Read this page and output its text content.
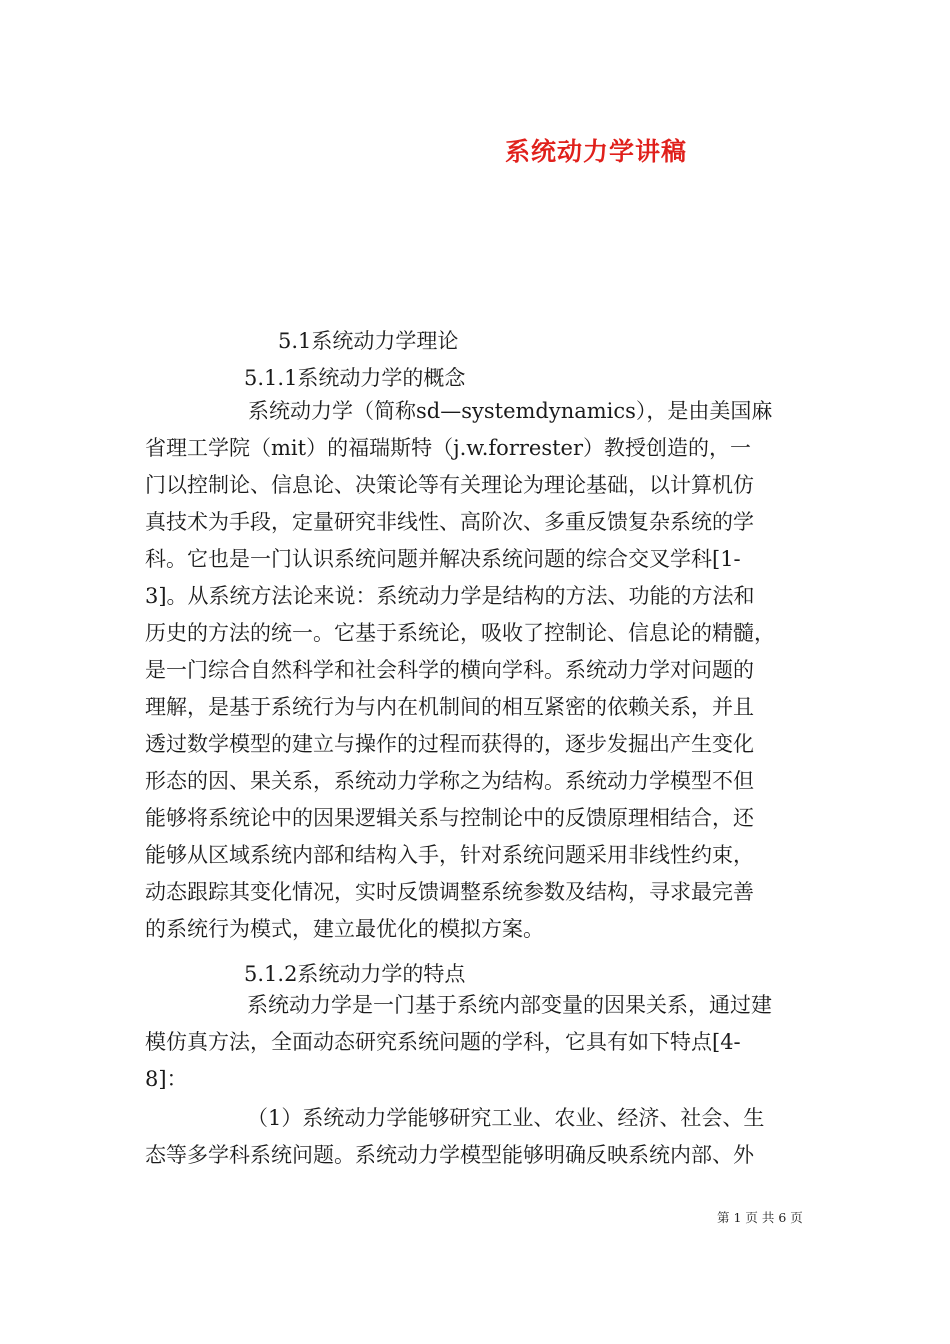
系统动力学讲稿
5.1系统动力学理论
5.1.1系统动力学的概念
系统动力学（简称sd—systemdynamics），是由美国麻
省理工学院（mit）的福瑞斯特（j.w.forrester）教授创造的，一
门以控制论、信息论、决策论等有关理论为理论基础，以计算机仿
真技术为手段，定量研究非线性、高阶次、多重反馈复杂系统的学
科。它也是一门认识系统问题并解决系统问题的综合交叉学科[1-
3]。从系统方法论来说：系统动力学是结构的方法、功能的方法和
历史的方法的统一。它基于系统论，吸收了控制论、信息论的精髓，
是一门综合自然科学和社会科学的横向学科。系统动力学对问题的
理解，是基于系统行为与内在机制间的相互紧密的依赖关系，并且
透过数学模型的建立与操作的过程而获得的，逐步发掘出产生变化
形态的因、果关系，系统动力学称之为结构。系统动力学模型不但
能够将系统论中的因果逻辑关系与控制论中的反馈原理相结合，还
能够从区域系统内部和结构入手，针对系统问题采用非线性约束，
动态跟踪其变化情况，实时反馈调整系统参数及结构，寻求最完善
的系统行为模式，建立最优化的模拟方案。
5.1.2系统动力学的特点
系统动力学是一门基于系统内部变量的因果关系，通过建
模仿真方法，全面动态研究系统问题的学科，它具有如下特点[4-
8]：
（1）系统动力学能够研究工业、农业、经济、社会、生
态等多学科系统问题。系统动力学模型能够明确反映系统内部、外
第 1 页 共 6 页
